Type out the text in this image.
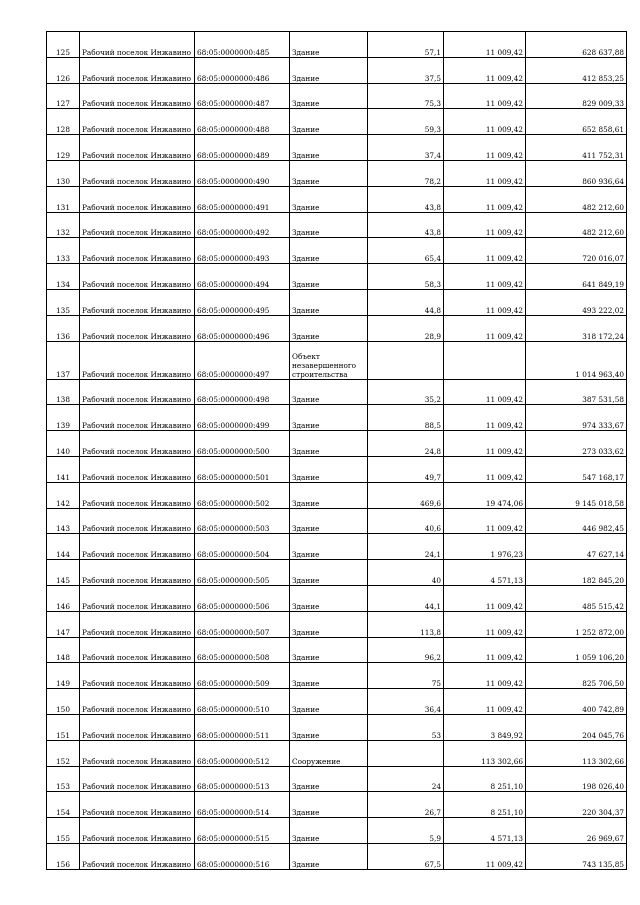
125	Рабочий поселок Инжавино	68:05:0000000:485	Здание	57,1	11 009,42	628 637,88
126	Рабочий поселок Инжавино	68:05:0000000:486	Здание	37,5	11 009,42	412 853,25
127	Рабочий поселок Инжавино	68:05:0000000:487	Здание	75,3	11 009,42	829 009,33
128	Рабочий поселок Инжавино	68:05:0000000:488	Здание	59,3	11 009,42	652 858,61
129	Рабочий поселок Инжавино	68:05:0000000:489	Здание	37,4	11 009,42	411 752,31
130	Рабочий поселок Инжавино	68:05:0000000:490	Здание	78,2	11 009,42	860 936,64
131	Рабочий поселок Инжавино	68:05:0000000:491	Здание	43,8	11 009,42	482 212,60
132	Рабочий поселок Инжавино	68:05:0000000:492	Здание	43,8	11 009,42	482 212,60
133	Рабочий поселок Инжавино	68:05:0000000:493	Здание	65,4	11 009,42	720 016,07
134	Рабочий поселок Инжавино	68:05:0000000:494	Здание	58,3	11 009,42	641 849,19
135	Рабочий поселок Инжавино	68:05:0000000:495	Здание	44,8	11 009,42	493 222,02
136	Рабочий поселок Инжавино	68:05:0000000:496	Здание	28,9	11 009,42	318 172,24
137	Рабочий поселок Инжавино	68:05:0000000:497	Объект незавершенного строительства			1 014 963,40
138	Рабочий поселок Инжавино	68:05:0000000:498	Здание	35,2	11 009,42	387 531,58
139	Рабочий поселок Инжавино	68:05:0000000:499	Здание	88,5	11 009,42	974 333,67
140	Рабочий поселок Инжавино	68:05:0000000:500	Здание	24,8	11 009,42	273 033,62
141	Рабочий поселок Инжавино	68:05:0000000:501	Здание	49,7	11 009,42	547 168,17
142	Рабочий поселок Инжавино	68:05:0000000:502	Здание	469,6	19 474,06	9 145 018,58
143	Рабочий поселок Инжавино	68:05:0000000:503	Здание	40,6	11 009,42	446 982,45
144	Рабочий поселок Инжавино	68:05:0000000:504	Здание	24,1	1 976,23	47 627,14
145	Рабочий поселок Инжавино	68:05:0000000:505	Здание	40	4 571,13	182 845,20
146	Рабочий поселок Инжавино	68:05:0000000:506	Здание	44,1	11 009,42	485 515,42
147	Рабочий поселок Инжавино	68:05:0000000:507	Здание	113,8	11 009,42	1 252 872,00
148	Рабочий поселок Инжавино	68:05:0000000:508	Здание	96,2	11 009,42	1 059 106,20
149	Рабочий поселок Инжавино	68:05:0000000:509	Здание	75	11 009,42	825 706,50
150	Рабочий поселок Инжавино	68:05:0000000:510	Здание	36,4	11 009,42	400 742,89
151	Рабочий поселок Инжавино	68:05:0000000:511	Здание	53	3 849,92	204 045,76
152	Рабочий поселок Инжавино	68:05:0000000:512	Сооружение		113 302,66	113 302,66
153	Рабочий поселок Инжавино	68:05:0000000:513	Здание	24	8 251,10	198 026,40
154	Рабочий поселок Инжавино	68:05:0000000:514	Здание	26,7	8 251,10	220 304,37
155	Рабочий поселок Инжавино	68:05:0000000:515	Здание	5,9	4 571,13	26 969,67
156	Рабочий поселок Инжавино	68:05:0000000:516	Здание	67,5	11 009,42	743 135,85
